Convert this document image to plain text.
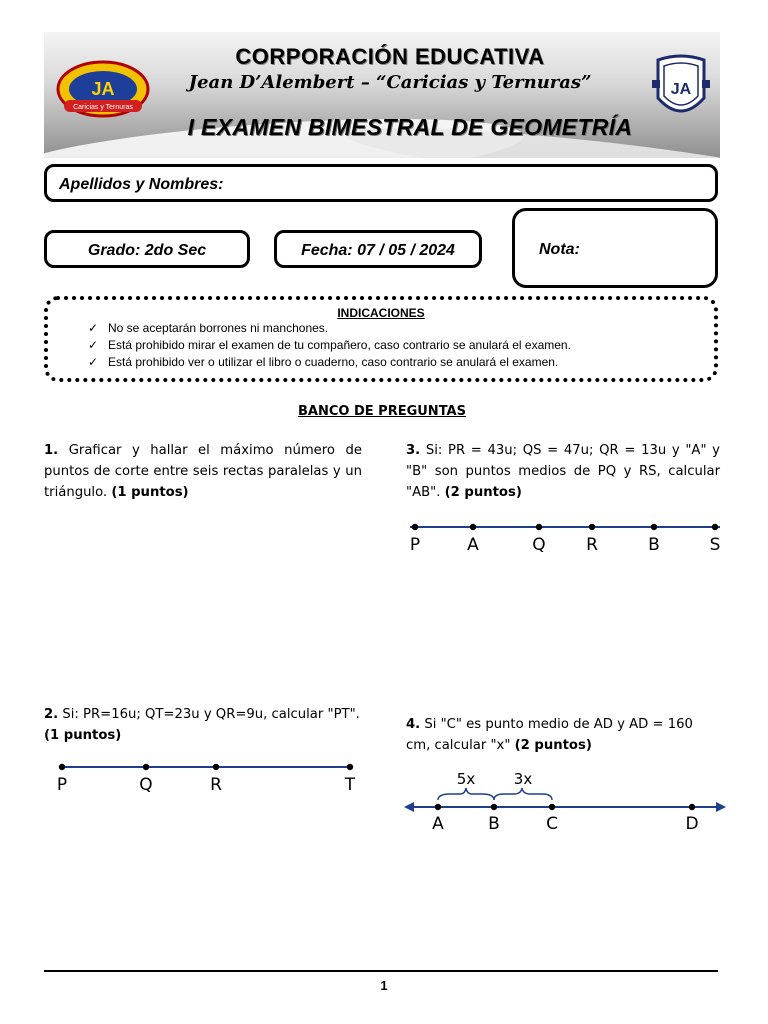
JA
Caricias y Ternuras
JA
CORPORACIÓN EDUCATIVA
Jean D’Alembert – “Caricias y Ternuras”
I EXAMEN BIMESTRAL DE GEOMETRÍA
Apellidos y Nombres:
Grado: 2do Sec	Fecha: 07 / 05 / 2024	Nota:
INDICACIONES
✓ No se aceptarán borrones ni manchones.
✓ Está prohibido mirar el examen de tu compañero, caso contrario se anulará el examen.
✓ Está prohibido ver o utilizar el libro o cuaderno, caso contrario se anulará el examen.
BANCO DE PREGUNTAS
1. Graficar y hallar el máximo número de puntos de corte entre seis rectas paralelas y un triángulo. (1 puntos)
3. Si: PR = 43u; QS = 47u; QR = 13u y "A" y "B" son puntos medios de PQ y RS, calcular "AB". (2 puntos)
P	A	Q R	B	S
2. Si: PR=16u; QT=23u y QR=9u, calcular "PT". (1 puntos)
P	Q	R	T
4. Si "C" es punto medio de AD y AD = 160 cm, calcular "x" (2 puntos)
5x	3x
A	B	C	D
1
